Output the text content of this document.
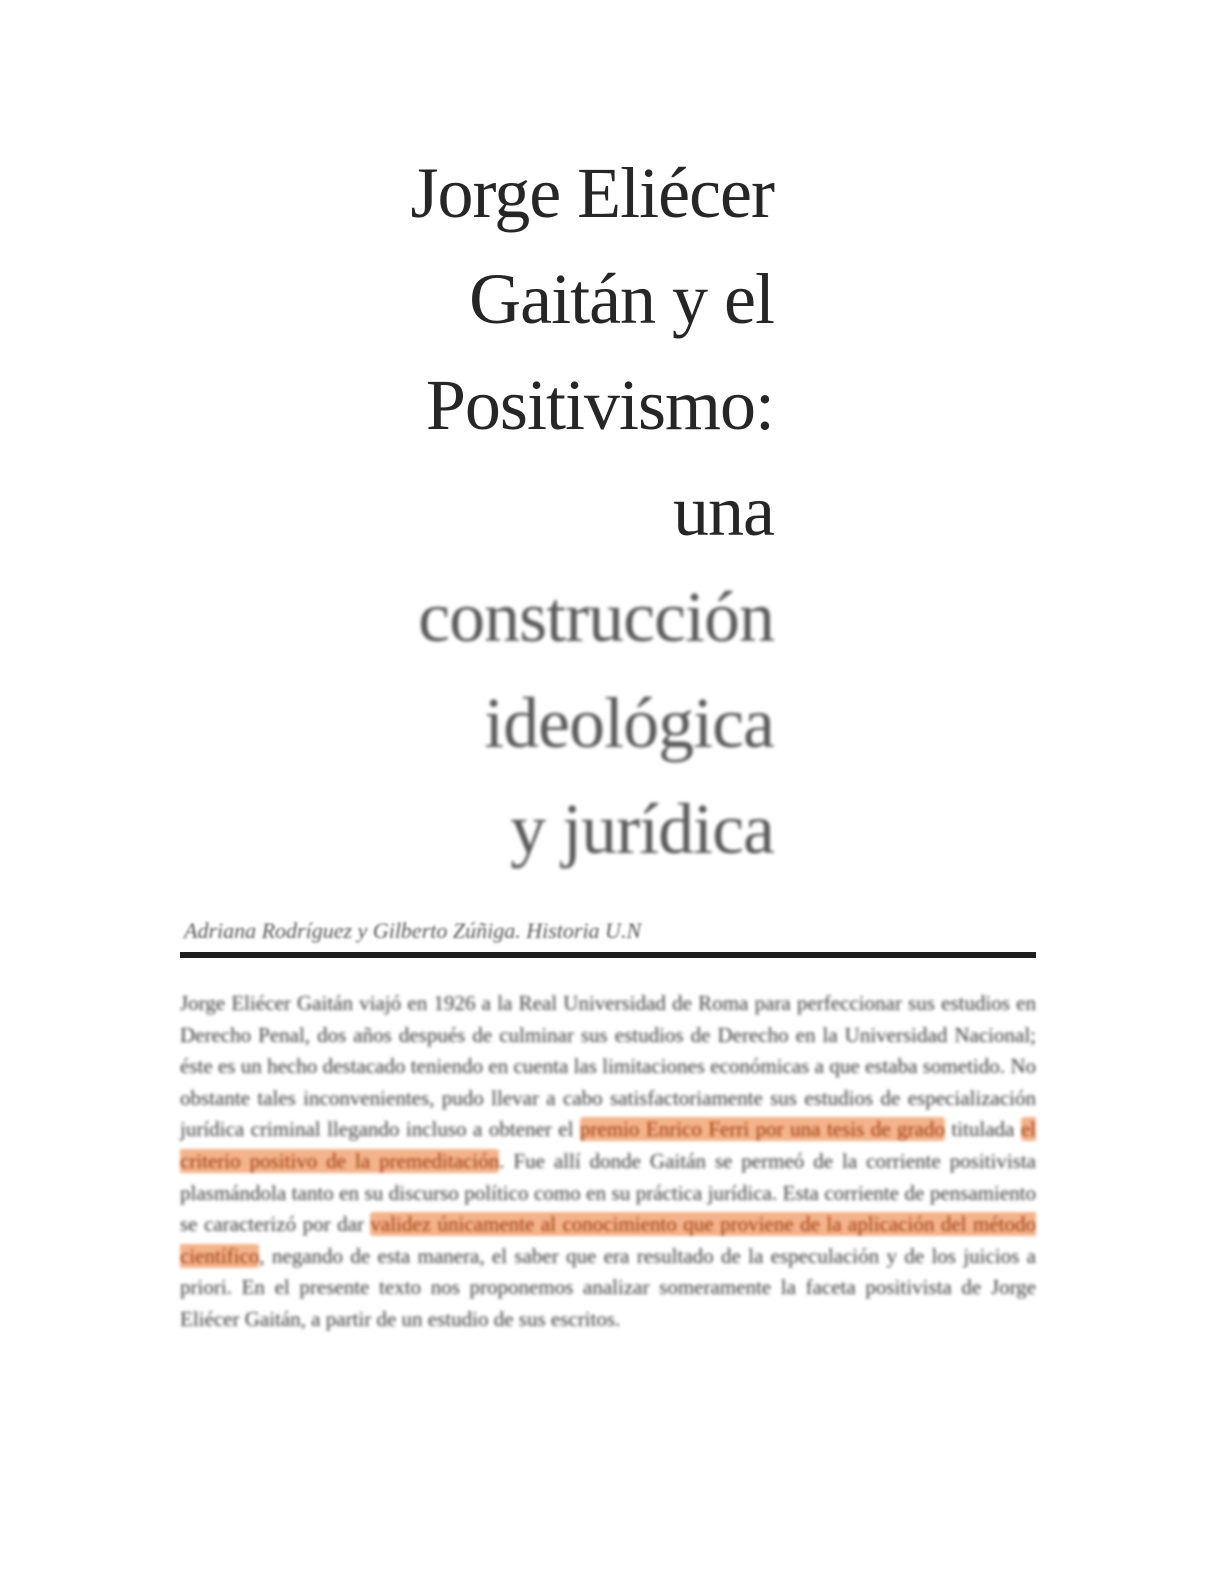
Jorge Eliécer
Gaitán y el
Positivismo:
una
construcción
ideológica
y jurídica
Adriana Rodríguez y Gilberto Zúñiga. Historia U.N
Jorge Eliécer Gaitán viajó en 1926 a la Real Universidad de Roma para perfeccionar sus estudios en Derecho Penal, dos años después de culminar sus estudios de Derecho en la Universidad Nacional; éste es un hecho destacado teniendo en cuenta las limitaciones económicas a que estaba sometido. No obstante tales inconvenientes, pudo llevar a cabo satisfactoriamente sus estudios de especialización jurídica criminal llegando incluso a obtener el premio Enrico Ferri por una tesis de grado titulada el criterio positivo de la premeditación. Fue allí donde Gaitán se permeó de la corriente positivista plasmándola tanto en su discurso político como en su práctica jurídica. Esta corriente de pensamiento se caracterizó por dar validez únicamente al conocimiento que proviene de la aplicación del método científico, negando de esta manera, el saber que era resultado de la especulación y de los juicios a priori. En el presente texto nos proponemos analizar someramente la faceta positivista de Jorge Eliécer Gaitán, a partir de un estudio de sus escritos.
